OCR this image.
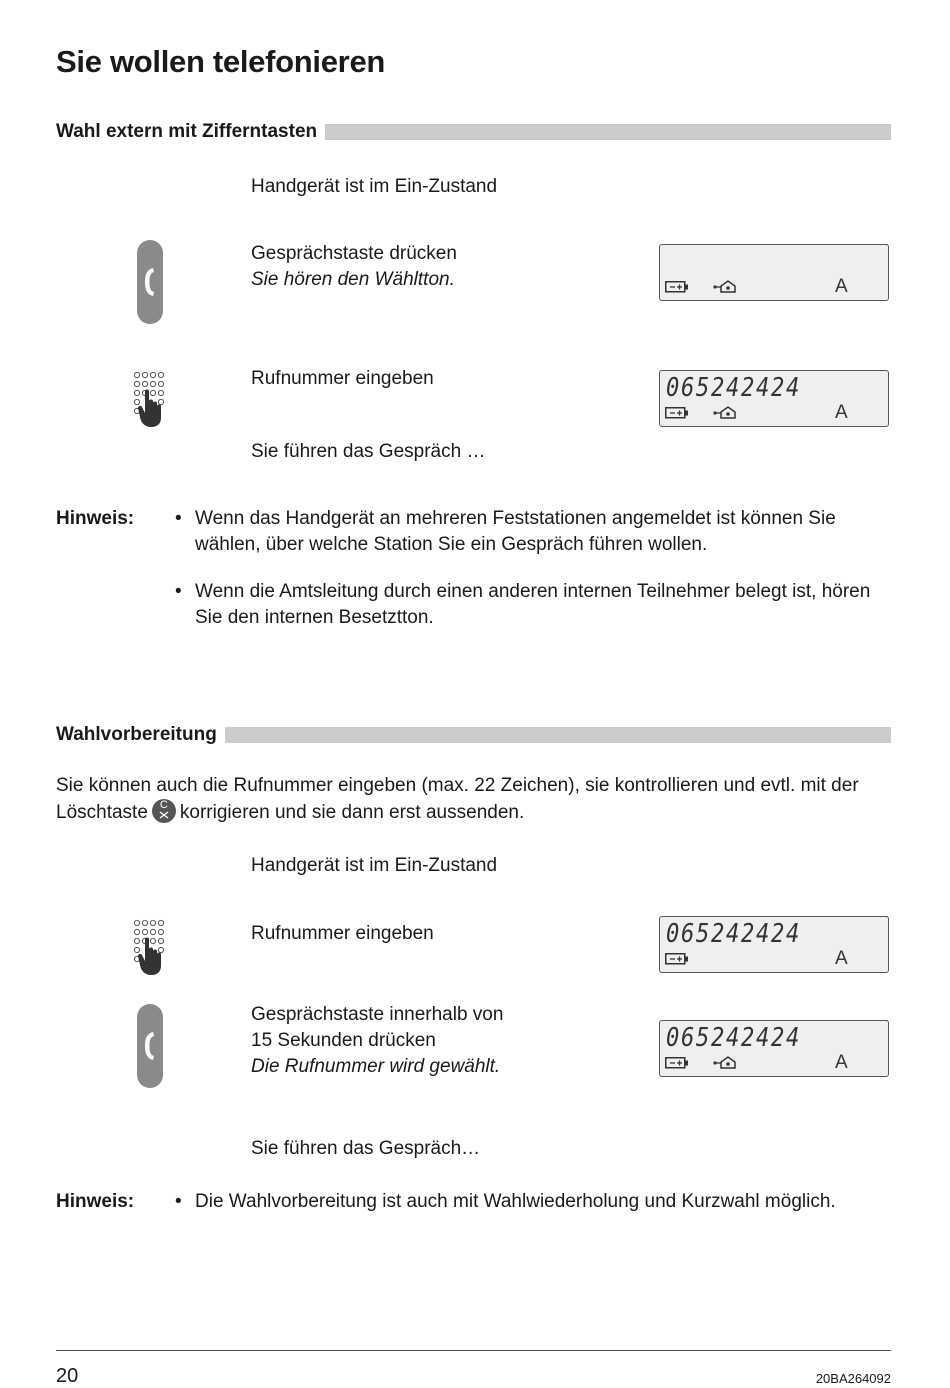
Sie wollen telefonieren
Wahl extern mit Zifferntasten
Handgerät ist im Ein-Zustand
Gesprächstaste drücken
Sie hören den Wähltton.	A
Rufnummer eingeben	065242424
A
Sie führen das Gespräch …
Hinweis: • Wenn das Handgerät an mehreren Feststationen angemeldet ist können Sie wählen, über welche Station Sie ein Gespräch führen wollen.
• Wenn die Amtsleitung durch einen anderen internen Teilnehmer belegt ist, hören Sie den internen Besetztton.
Wahlvorbereitung
Sie können auch die Rufnummer eingeben (max. 22 Zeichen), sie kontrollieren und evtl. mit der
Löschtaste	C korrigieren und sie dann erst aussenden.
Handgerät ist im Ein-Zustand
Rufnummer eingeben	065242424
A
Gesprächstaste innerhalb von
15 Sekunden drücken
Die Rufnummer wird gewählt.
065242424
A
Sie führen das Gespräch…
Hinweis: • Die Wahlvorbereitung ist auch mit Wahlwiederholung und Kurzwahl möglich.
20	20BA264092
